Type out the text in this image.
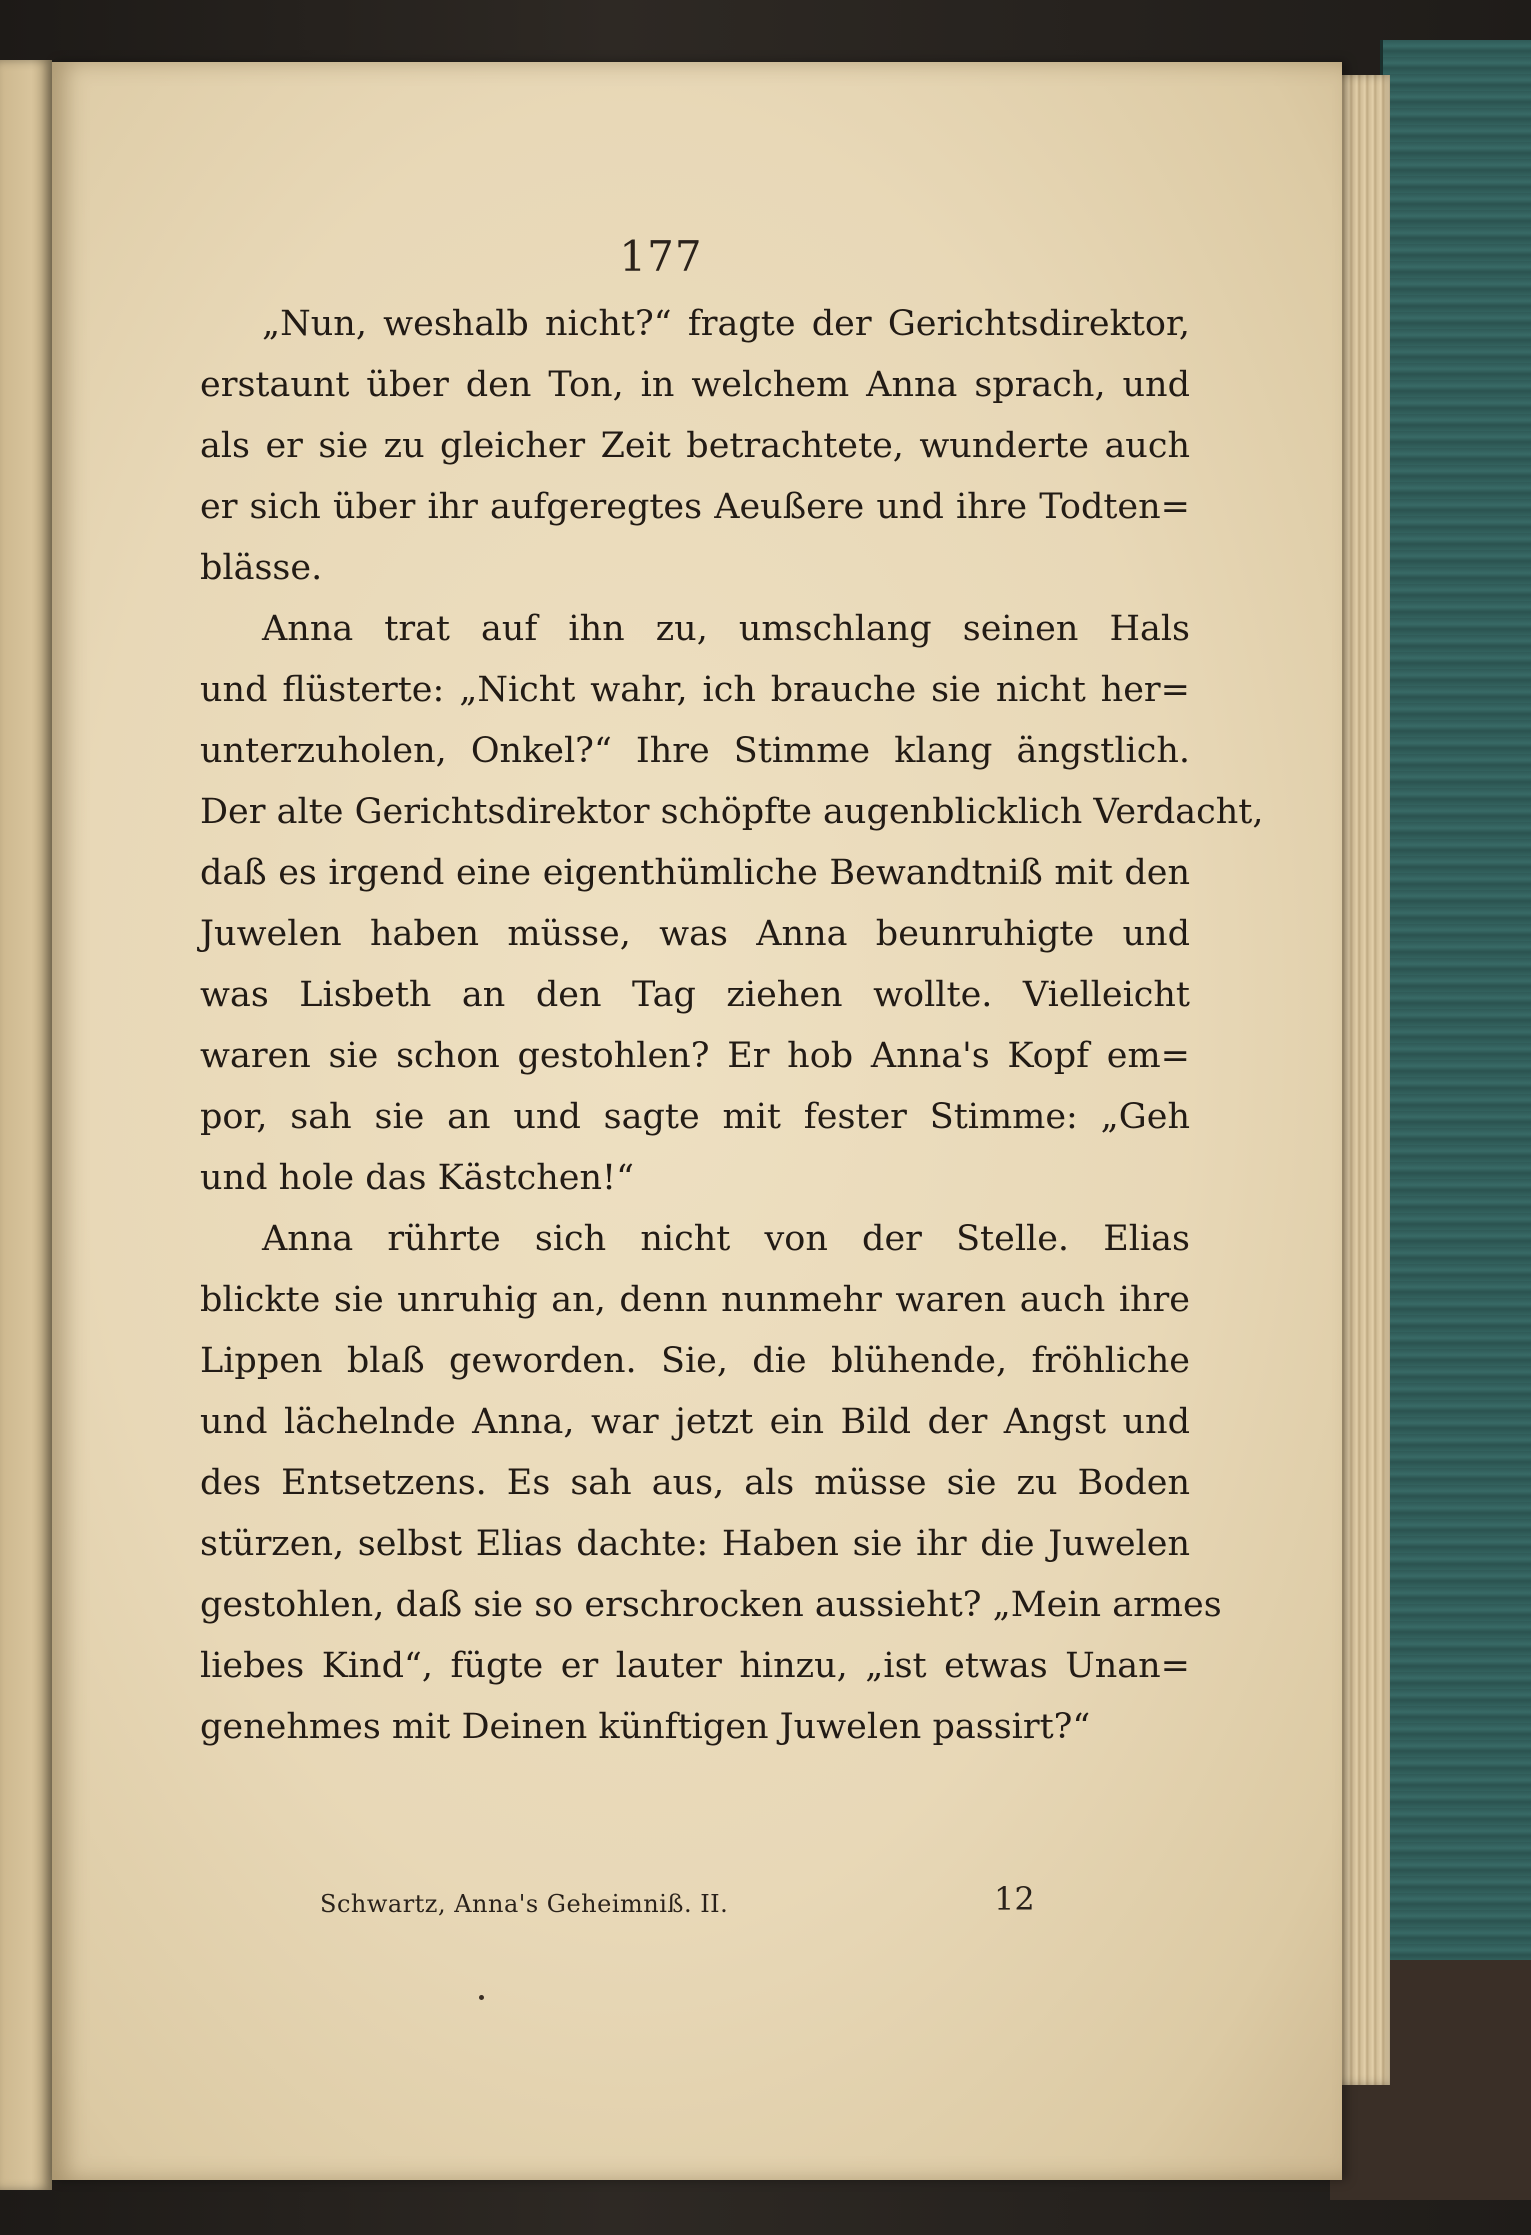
177

„Nun, weshalb nicht?“ fragte der Gerichtsdirektor,
erstaunt über den Ton, in welchem Anna sprach, und
als er sie zu gleicher Zeit betrachtete, wunderte auch
er sich über ihr aufgeregtes Aeußere und ihre Todten=
blässe.

Anna trat auf ihn zu, umschlang seinen Hals
und flüsterte: „Nicht wahr, ich brauche sie nicht her=
unterzuholen, Onkel?“ Ihre Stimme klang ängstlich.
Der alte Gerichtsdirektor schöpfte augenblicklich Verdacht,
daß es irgend eine eigenthümliche Bewandtniß mit den
Juwelen haben müsse, was Anna beunruhigte und
was Lisbeth an den Tag ziehen wollte. Vielleicht
waren sie schon gestohlen? Er hob Anna's Kopf em=
por, sah sie an und sagte mit fester Stimme: „Geh
und hole das Kästchen!“

Anna rührte sich nicht von der Stelle. Elias
blickte sie unruhig an, denn nunmehr waren auch ihre
Lippen blaß geworden. Sie, die blühende, fröhliche
und lächelnde Anna, war jetzt ein Bild der Angst und
des Entsetzens. Es sah aus, als müsse sie zu Boden
stürzen, selbst Elias dachte: Haben sie ihr die Juwelen
gestohlen, daß sie so erschrocken aussieht? „Mein armes
liebes Kind“, fügte er lauter hinzu, „ist etwas Unan=
genehmes mit Deinen künftigen Juwelen passirt?“

Schwartz, Anna's Geheimniß. II.	12
